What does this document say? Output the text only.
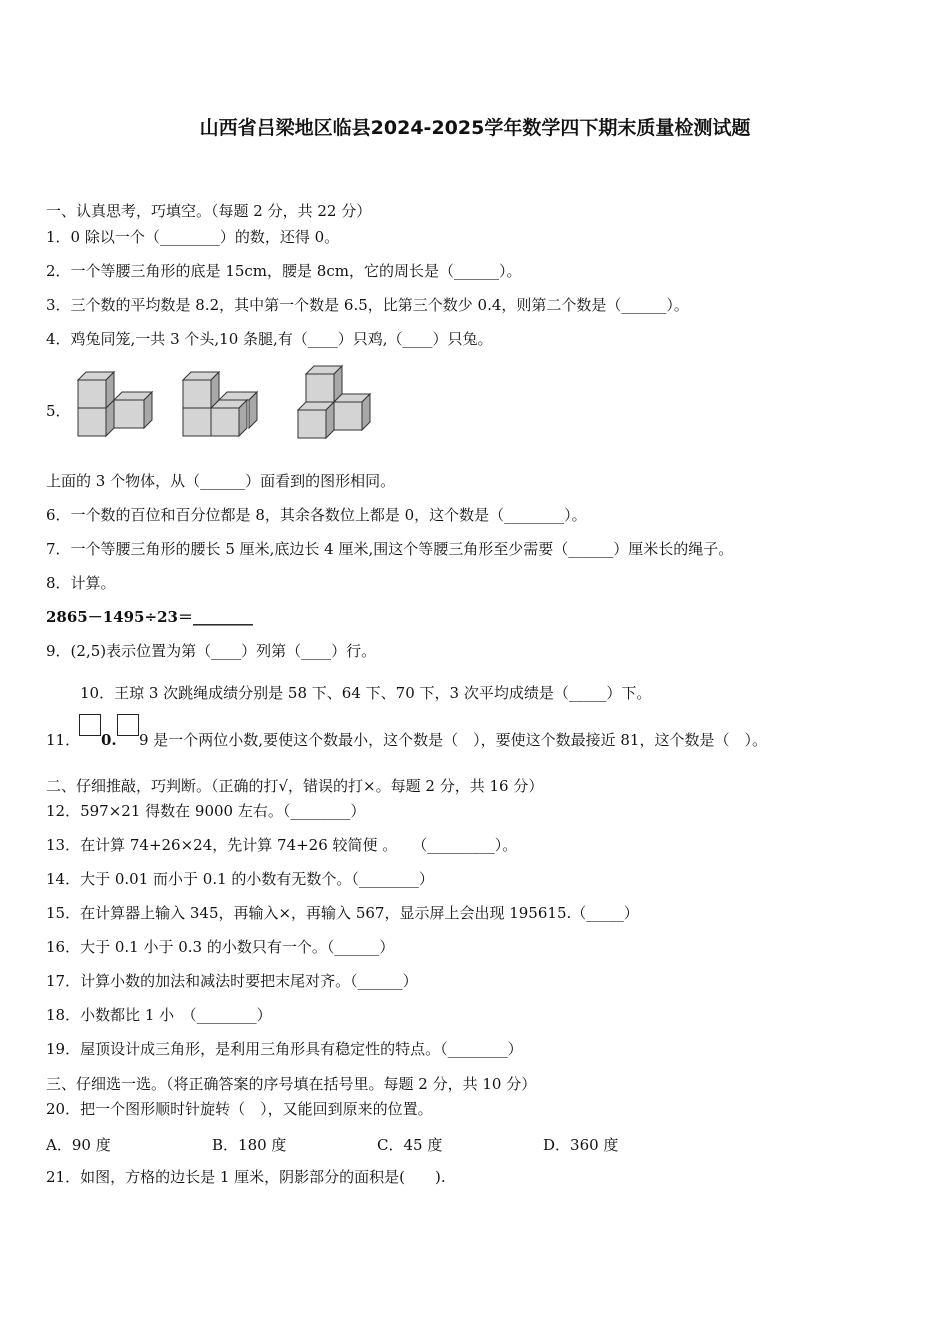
山西省吕梁地区临县2024-2025学年数学四下期末质量检测试题
一、认真思考，巧填空。（每题 2 分，共 22 分）
1．0 除以一个（________）的数，还得 0。
2．一个等腰三角形的底是 15cm，腰是 8cm，它的周长是（______）。
3．三个数的平均数是 8.2，其中第一个数是 6.5，比第三个数少 0.4，则第二个数是（______）。
4．鸡兔同笼,一共 3 个头,10 条腿,有（____）只鸡,（____）只兔。
5．
上面的 3 个物体，从（______）面看到的图形相同。
6．一个数的百位和百分位都是 8，其余各数位上都是 0，这个数是（________）。
7．一个等腰三角形的腰长 5 厘米,底边长 4 厘米,围这个等腰三角形至少需要（______）厘米长的绳子。
8．计算。
2865－1495÷23＝________
9．(2,5)表示位置为第（____）列第（____）行。
10．王琼 3 次跳绳成绩分别是 58 下、64 下、70 下，3 次平均成绩是（_____）下。
11． 0. 9 是一个两位小数,要使这个数最小，这个数是（　），要使这个数最接近 81，这个数是（　）。
二、仔细推敲，巧判断。（正确的打√，错误的打×。每题 2 分，共 16 分）
12．597×21 得数在 9000 左右。（________）
13．在计算 74+26×24，先计算 74+26 较简便 。　　（_________）。
14．大于 0.01 而小于 0.1 的小数有无数个。（________）
15．在计算器上输入 345，再输入×，再输入 567，显示屏上会出现 195615.（_____）
16．大于 0.1 小于 0.3 的小数只有一个。（______）
17．计算小数的加法和减法时要把末尾对齐。（______）
18．小数都比 1 小　（________）
19．屋顶设计成三角形，是利用三角形具有稳定性的特点。（________）
三、仔细选一选。（将正确答案的序号填在括号里。每题 2 分，共 10 分）
20．把一个图形顺时针旋转（　），又能回到原来的位置。
A．90 度	B．180 度	C．45 度	D．360 度
21．如图，方格的边长是 1 厘米，阴影部分的面积是(　　).
